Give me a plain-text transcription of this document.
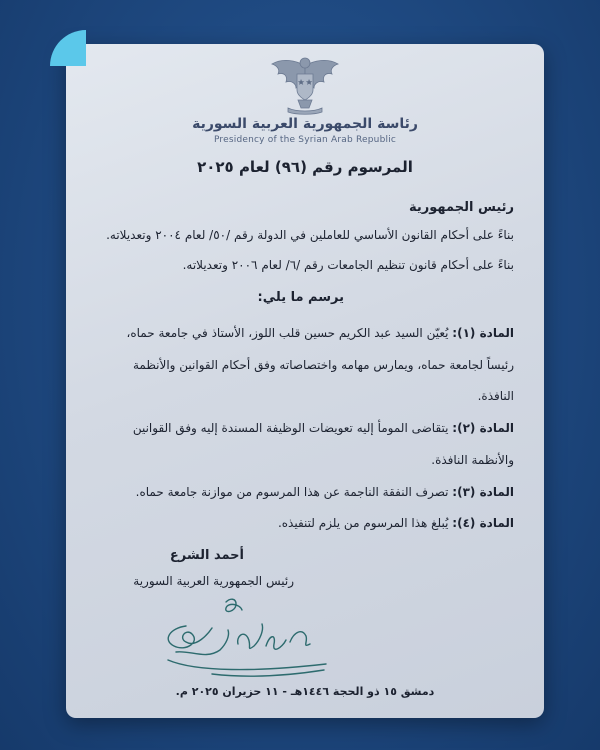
رئاسة الجمهورية العربية السورية
Presidency of the Syrian Arab Republic
المرسوم رقم (٩٦) لعام ٢٠٢٥
رئيس الجمهورية
بناءً على أحكام القانون الأساسي للعاملين في الدولة رقم /٥٠/ لعام ٢٠٠٤ وتعديلاته.
بناءً على أحكام قانون تنظيم الجامعات رقم /٦/ لعام ٢٠٠٦ وتعديلاته.
يرسم ما يلي:
المادة (١): يُعيّن السيد عبد الكريم حسين قلب اللوز، الأستاذ في جامعة حماه،
رئيساً لجامعة حماه، ويمارس مهامه واختصاصاته وفق أحكام القوانين والأنظمة
النافذة.
المادة (٢): يتقاضى المومأ إليه تعويضات الوظيفة المسندة إليه وفق القوانين
والأنظمة النافذة.
المادة (٣): تصرف النفقة الناجمة عن هذا المرسوم من موازنة جامعة حماه.
المادة (٤): يُبلغ هذا المرسوم من يلزم لتنفيذه.
أحمد الشرع
رئيس الجمهورية العربية السورية
دمشق ١٥ ذو الحجة ١٤٤٦هـ - ١١ حزيران ٢٠٢٥ م.
